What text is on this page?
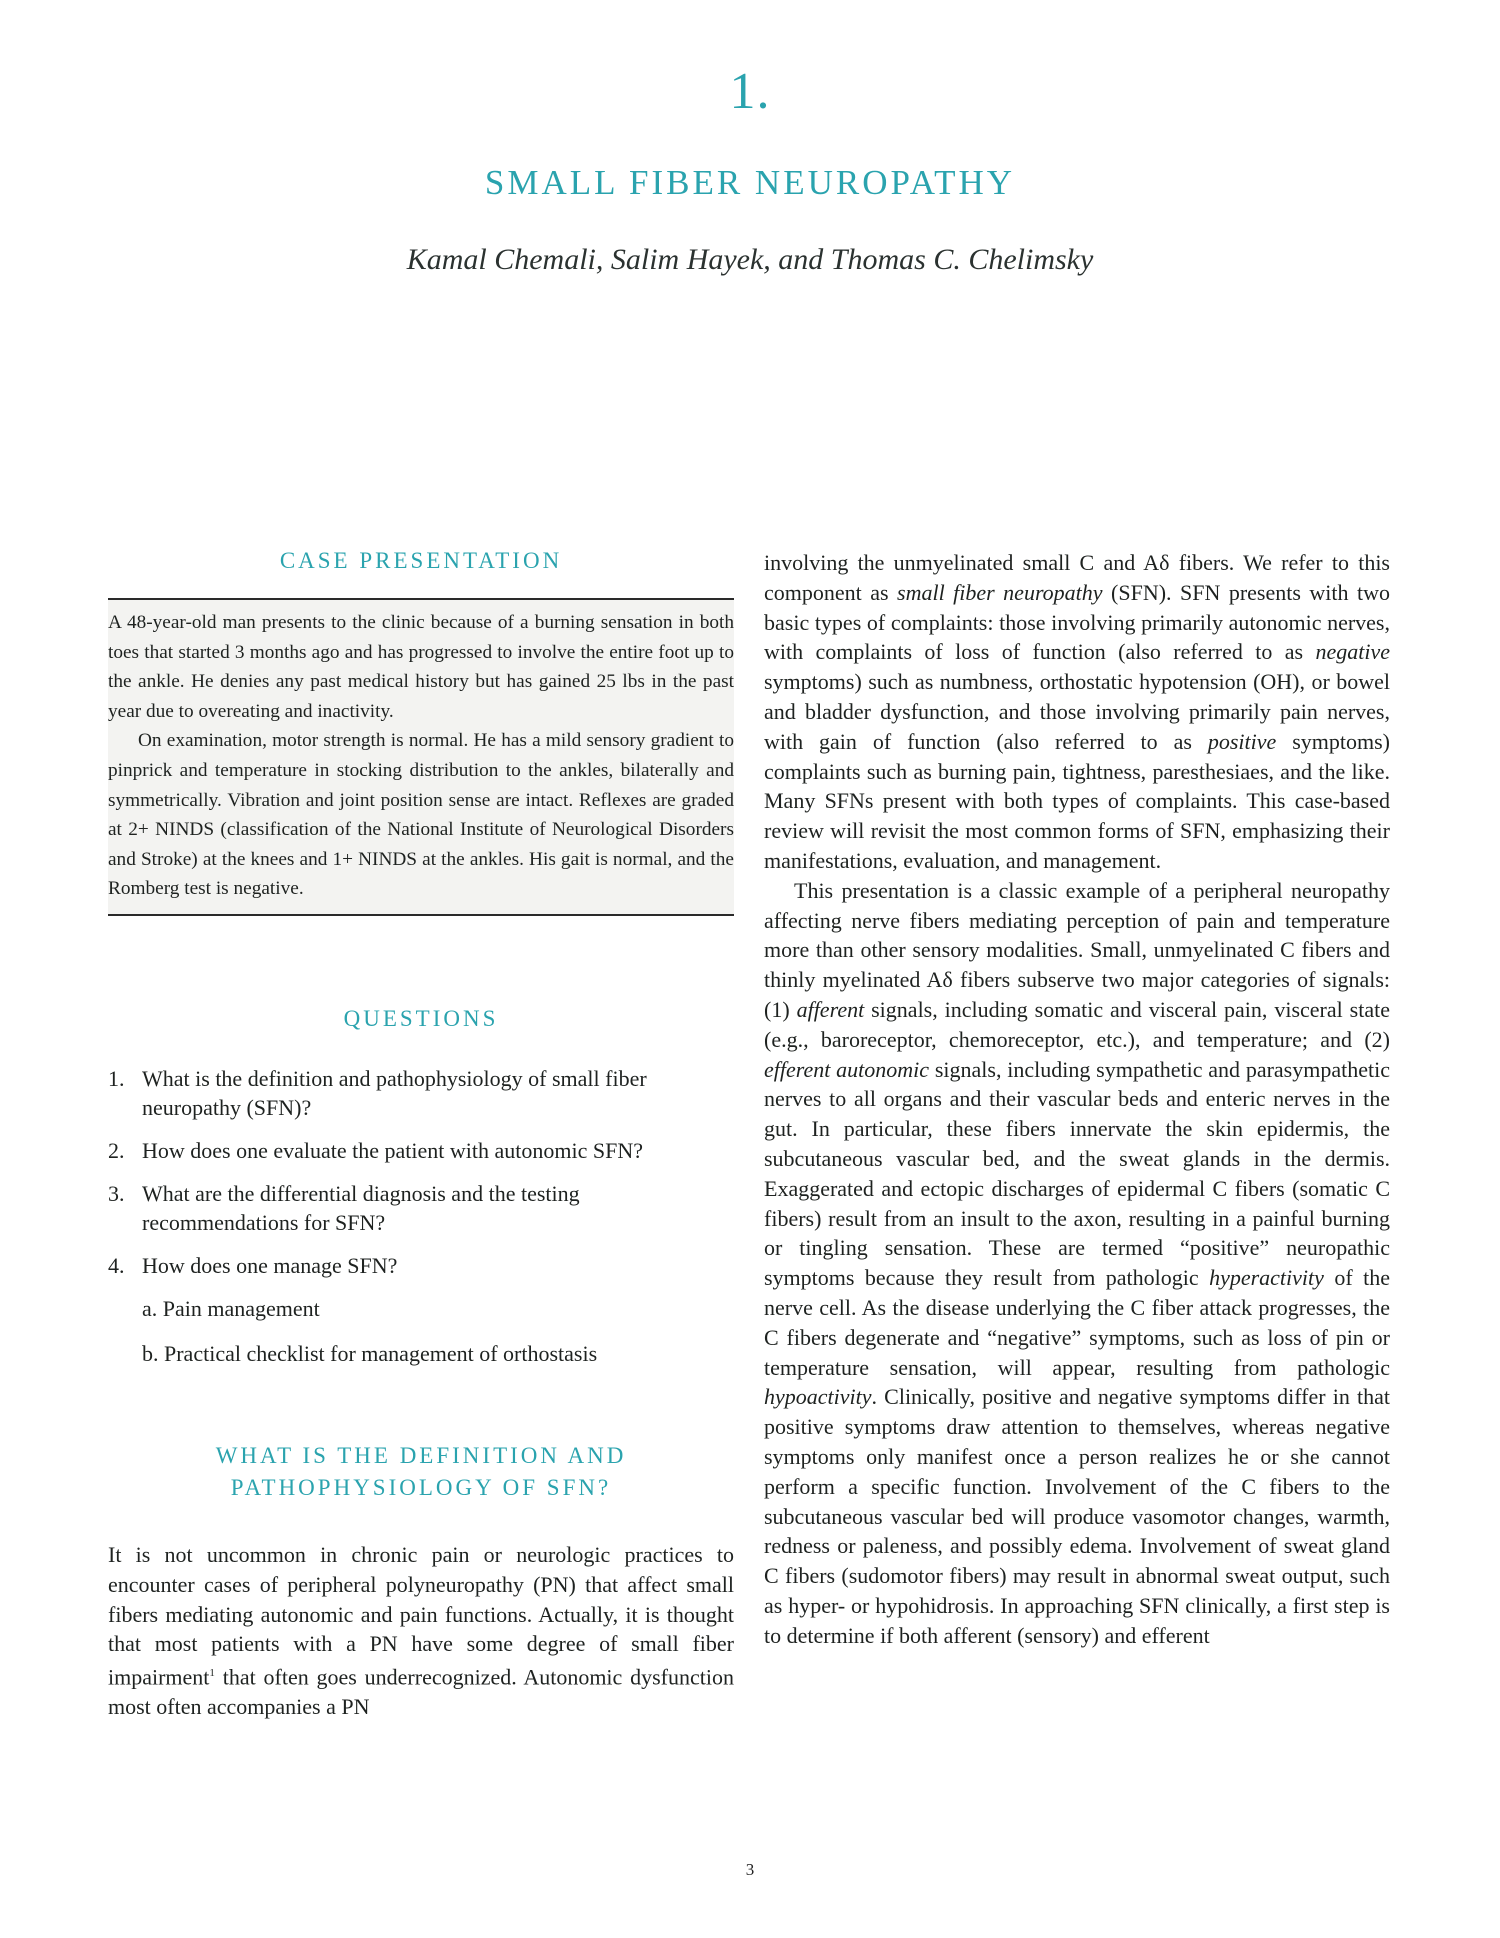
1.
SMALL FIBER NEUROPATHY
Kamal Chemali, Salim Hayek, and Thomas C. Chelimsky
CASE PRESENTATION

A 48-year-old man presents to the clinic because of a burning sensation in both toes that started 3 months ago and has progressed to involve the entire foot up to the ankle. He denies any past medical history but has gained 25 lbs in the past year due to overeating and inactivity.

On examination, motor strength is normal. He has a mild sensory gradient to pinprick and temperature in stocking distribution to the ankles, bilaterally and symmetrically. Vibration and joint position sense are intact. Reflexes are graded at 2+ NINDS (classification of the National Institute of Neurological Disorders and Stroke) at the knees and 1+ NINDS at the ankles. His gait is normal, and the Romberg test is negative.

QUESTIONS
1. What is the definition and pathophysiology of small fiber neuropathy (SFN)?
2. How does one evaluate the patient with autonomic SFN?
3. What are the differential diagnosis and the testing recommendations for SFN?
4. How does one manage SFN?
a. Pain management
b. Practical checklist for management of orthostasis
WHAT IS THE DEFINITION AND
PATHOPHYSIOLOGY OF SFN?

It is not uncommon in chronic pain or neurologic practices to encounter cases of peripheral polyneuropathy (PN) that affect small fibers mediating autonomic and pain functions. Actually, it is thought that most patients with a PN have some degree of small fiber impairment$^1$ that often goes underrecognized. Autonomic dysfunction most often accompanies a PN

involving the unmyelinated small C and Aδ fibers. We refer to this component as small fiber neuropathy (SFN). SFN presents with two basic types of complaints: those involving primarily autonomic nerves, with complaints of loss of function (also referred to as negative symptoms) such as numbness, orthostatic hypotension (OH), or bowel and bladder dysfunction, and those involving primarily pain nerves, with gain of function (also referred to as positive symptoms) complaints such as burning pain, tightness, paresthesiaes, and the like. Many SFNs present with both types of complaints. This case-based review will revisit the most common forms of SFN, emphasizing their manifestations, evaluation, and management.

This presentation is a classic example of a peripheral neuropathy affecting nerve fibers mediating perception of pain and temperature more than other sensory modalities. Small, unmyelinated C fibers and thinly myelinated Aδ fibers subserve two major categories of signals: (1) afferent signals, including somatic and visceral pain, visceral state (e.g., baroreceptor, chemoreceptor, etc.), and temperature; and (2) efferent autonomic signals, including sympathetic and parasympathetic nerves to all organs and their vascular beds and enteric nerves in the gut. In particular, these fibers innervate the skin epidermis, the subcutaneous vascular bed, and the sweat glands in the dermis. Exaggerated and ectopic discharges of epidermal C fibers (somatic C fibers) result from an insult to the axon, resulting in a painful burning or tingling sensation. These are termed “positive” neuropathic symptoms because they result from pathologic hyperactivity of the nerve cell. As the disease underlying the C fiber attack progresses, the C fibers degenerate and “negative” symptoms, such as loss of pin or temperature sensation, will appear, resulting from pathologic hypoactivity. Clinically, positive and negative symptoms differ in that positive symptoms draw attention to themselves, whereas negative symptoms only manifest once a person realizes he or she cannot perform a specific function. Involvement of the C fibers to the subcutaneous vascular bed will produce vasomotor changes, warmth, redness or paleness, and possibly edema. Involvement of sweat gland C fibers (sudomotor fibers) may result in abnormal sweat output, such as hyper- or hypohidrosis. In approaching SFN clinically, a first step is to determine if both afferent (sensory) and efferent

3
